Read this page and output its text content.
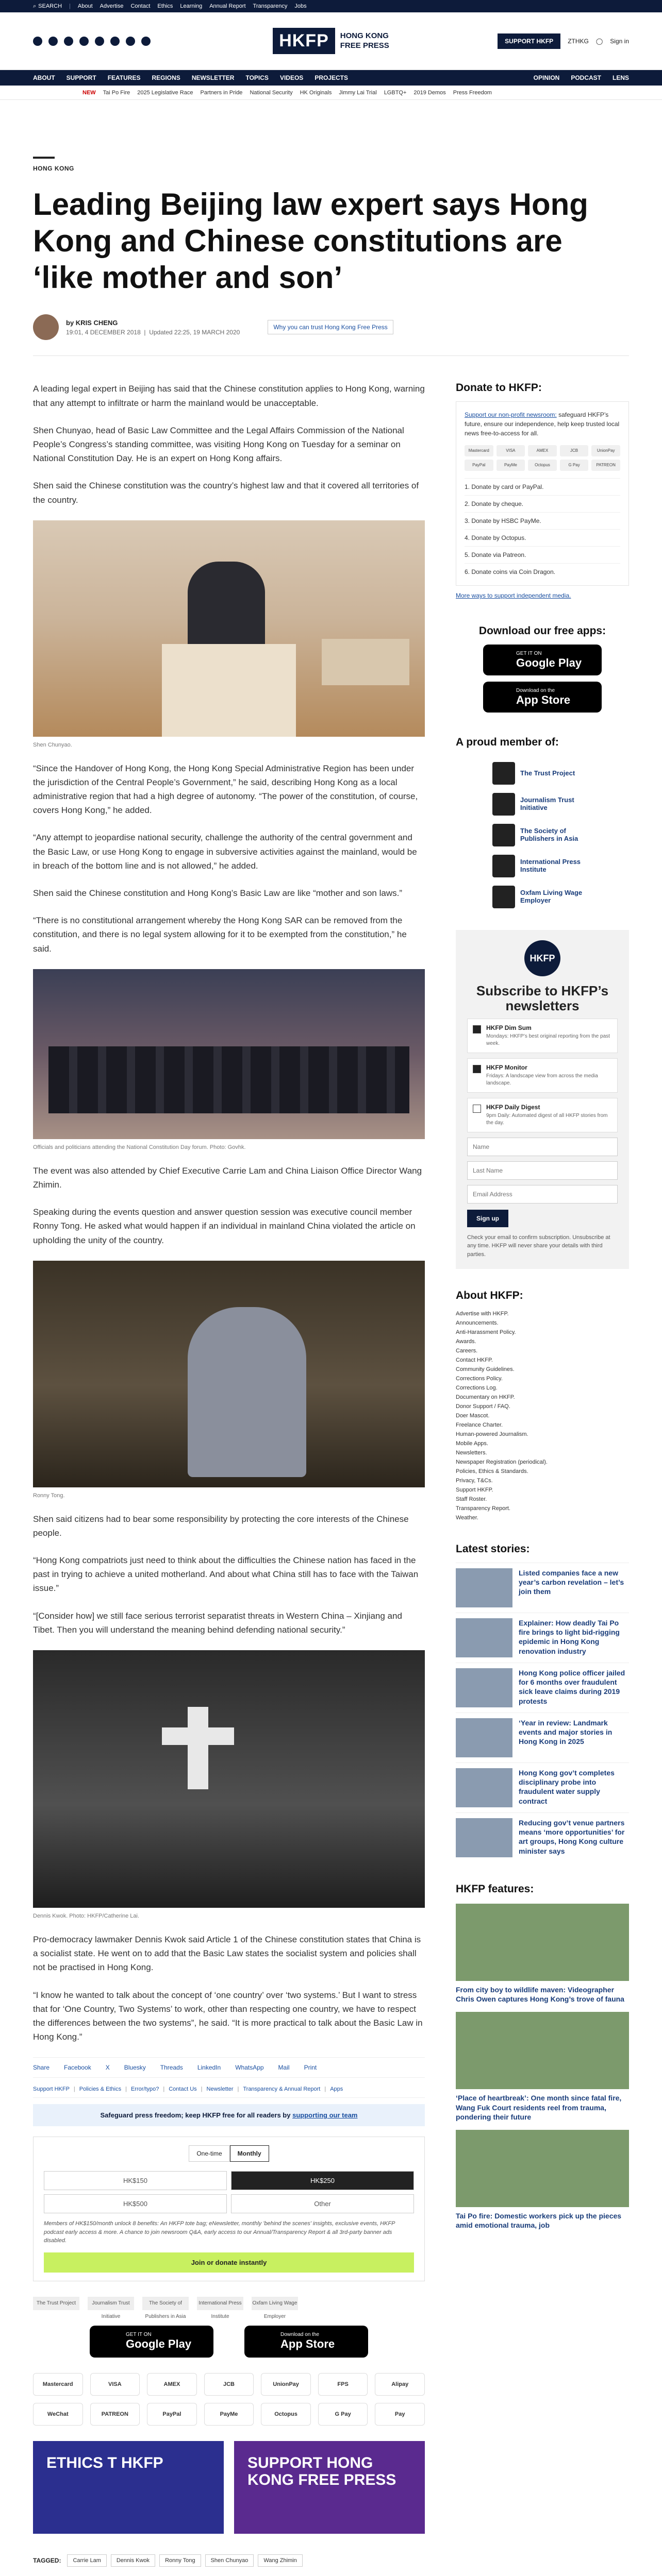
⌕ SEARCH | About Advertise Contact Ethics Learning Annual Report Transparency Jobs
HKFP	HONG KONG
FREE PRESS	SUPPORT HKFP	ZTHKG ◯ Sign in
ABOUT SUPPORT FEATURES REGIONS NEWSLETTER TOPICS VIDEOS PROJECTS	OPINION PODCAST LENS
NEW Tai Po Fire 2025 Legislative Race Partners in Pride National Security HK Originals Jimmy Lai Trial LGBTQ+ 2019 Demos Press Freedom
HONG KONG
Leading Beijing law expert says Hong Kong and Chinese constitutions are ‘like mother and son’
by KRIS CHENG
19:01, 4 DECEMBER 2018  |  Updated 22:25, 19 MARCH 2020
Why you can trust Hong Kong Free Press

A leading legal expert in Beijing has said that the Chinese constitution applies to Hong Kong, warning that any attempt to infiltrate or harm the mainland would be unacceptable.

Shen Chunyao, head of Basic Law Committee and the Legal Affairs Commission of the National People’s Congress’s standing committee, was visiting Hong Kong on Tuesday for a seminar on National Constitution Day. He is an expert on Hong Kong affairs.

Shen said the Chinese constitution was the country’s highest law and that it covered all territories of the country.

Shen Chunyao.

“Since the Handover of Hong Kong, the Hong Kong Special Administrative Region has been under the jurisdiction of the Central People’s Government,” he said, describing Hong Kong as a local administrative region that had a high degree of autonomy. “The power of the constitution, of course, covers Hong Kong,” he added.

“Any attempt to jeopardise national security, challenge the authority of the central government and the Basic Law, or use Hong Kong to engage in subversive activities against the mainland, would be in breach of the bottom line and is not allowed,” he added.

Shen said the Chinese constitution and Hong Kong’s Basic Law are like “mother and son laws.”

“There is no constitutional arrangement whereby the Hong Kong SAR can be removed from the constitution, and there is no legal system allowing for it to be exempted from the constitution,” he said.

Officials and politicians attending the National Constitution Day forum. Photo: Govhk.

The event was also attended by Chief Executive Carrie Lam and China Liaison Office Director Wang Zhimin.

Speaking during the events question and answer question session was executive council member Ronny Tong. He asked what would happen if an individual in mainland China violated the article on upholding the unity of the country.

Ronny Tong.

Shen said citizens had to bear some responsibility by protecting the core interests of the Chinese people.

“Hong Kong compatriots just need to think about the difficulties the Chinese nation has faced in the past in trying to achieve a united motherland. And about what China still has to face with the Taiwan issue.”

“[Consider how] we still face serious terrorist separatist threats in Western China – Xinjiang and Tibet. Then you will understand the meaning behind defending national security.”

Dennis Kwok. Photo: HKFP/Catherine Lai.

Pro-democracy lawmaker Dennis Kwok said Article 1 of the Chinese constitution states that China is a socialist state. He went on to add that the Basic Law states the socialist system and policies shall not be practised in Hong Kong.

“I know he wanted to talk about the concept of ‘one country’ over ‘two systems.’ But I want to stress that for ‘One Country, Two Systems’ to work, other than respecting one country, we have to respect the differences between the two systems”, he said. “It is more practical to talk about the Basic Law in Hong Kong.”

Share Facebook X Bluesky Threads LinkedIn WhatsApp Mail Print
Support HKFP | Policies & Ethics | Error/typo? | Contact Us | Newsletter | Transparency & Annual Report | Apps
Safeguard press freedom; keep HKFP free for all readers by supporting our team
One-time	Monthly
HK$150	HK$250
HK$500	Other
Members of HK$150/month unlock 8 benefits: An HKFP tote bag; eNewsletter, monthly 'behind the scenes' insights, exclusive events, HKFP podcast early access & more. A chance to join newsroom Q&A, early access to our Annual/Transparency Report & all 3rd-party banner ads disabled.
Join or donate instantly
The Trust Project	Journalism Trust Initiative
The Society of Publishers in Asia
International Press Institute
Oxfam Living Wage Employer
GET IT ON
Google Play
Download on the
App Store
Mastercard	VISA	AMEX	JCB	UnionPay	FPS	Alipay
WeChat	PATREON	PayPal	PayMe	Octopus	G Pay	Pay
ETHICS T HKFP	SUPPORT HONG KONG FREE PRESS
TAGGED:	Carrie Lam	Dennis Kwok	Ronny Tong	Shen Chunyao	Wang Zhimin
Donate to HKFP:
Support our non-profit newsroom: safeguard HKFP’s future, ensure our independence, help keep trusted local news free-to-access for all.
Mastercard	VISA	AMEX	JCB	UnionPay
PayPal	PayMe	Octopus	G Pay	PATREON
1. Donate by card or PayPal.
2. Donate by cheque.
3. Donate by HSBC PayMe.
4. Donate by Octopus.
5. Donate via Patreon.
6. Donate coins via Coin Dragon.
More ways to support independent media.
Download our free apps:
GET IT ON
Google Play
Download on the
App Store
A proud member of:
The Trust Project
Journalism Trust Initiative
The Society of Publishers in Asia
International Press Institute
Oxfam Living Wage Employer
HKFP
Subscribe to HKFP’s newsletters
HKFP Dim Sum
Mondays: HKFP’s best original reporting from the past week.
HKFP Monitor
Fridays: A landscape view from across the media landscape.
HKFP Daily Digest
9pm Daily: Automated digest of all HKFP stories from the day.
Name Last Name Email Address Sign up
Check your email to confirm subscription. Unsubscribe at any time. HKFP will never share your details with third parties.
About HKFP:
Advertise with HKFP.
Announcements.
Anti-Harassment Policy.
Awards.
Careers.
Contact HKFP.
Community Guidelines.
Corrections Policy.
Corrections Log.
Documentary on HKFP.
Donor Support / FAQ.
Doer Mascot.
Freelance Charter.
Human-powered Journalism.
Mobile Apps.
Newsletters.
Newspaper Registration (periodical).
Policies, Ethics & Standards.
Privacy, T&Cs.
Support HKFP.
Staff Roster.
Transparency Report.
Weather.
Latest stories:
Listed companies face a new year’s carbon revelation – let’s join them
Explainer: How deadly Tai Po fire brings to light bid-rigging epidemic in Hong Kong renovation industry
Hong Kong police officer jailed for 6 months over fraudulent sick leave claims during 2019 protests
‘Year in review: Landmark events and major stories in Hong Kong in 2025
Hong Kong gov’t completes disciplinary probe into fraudulent water supply contract
Reducing gov’t venue partners means ‘more opportunities’ for art groups, Hong Kong culture minister says
HKFP features:
From city boy to wildlife maven: Videographer Chris Owen captures Hong Kong’s trove of fauna
‘Place of heartbreak’: One month since fatal fire, Wang Fuk Court residents reel from trauma, pondering their future
Tai Po fire: Domestic workers pick up the pieces amid emotional trauma, job
